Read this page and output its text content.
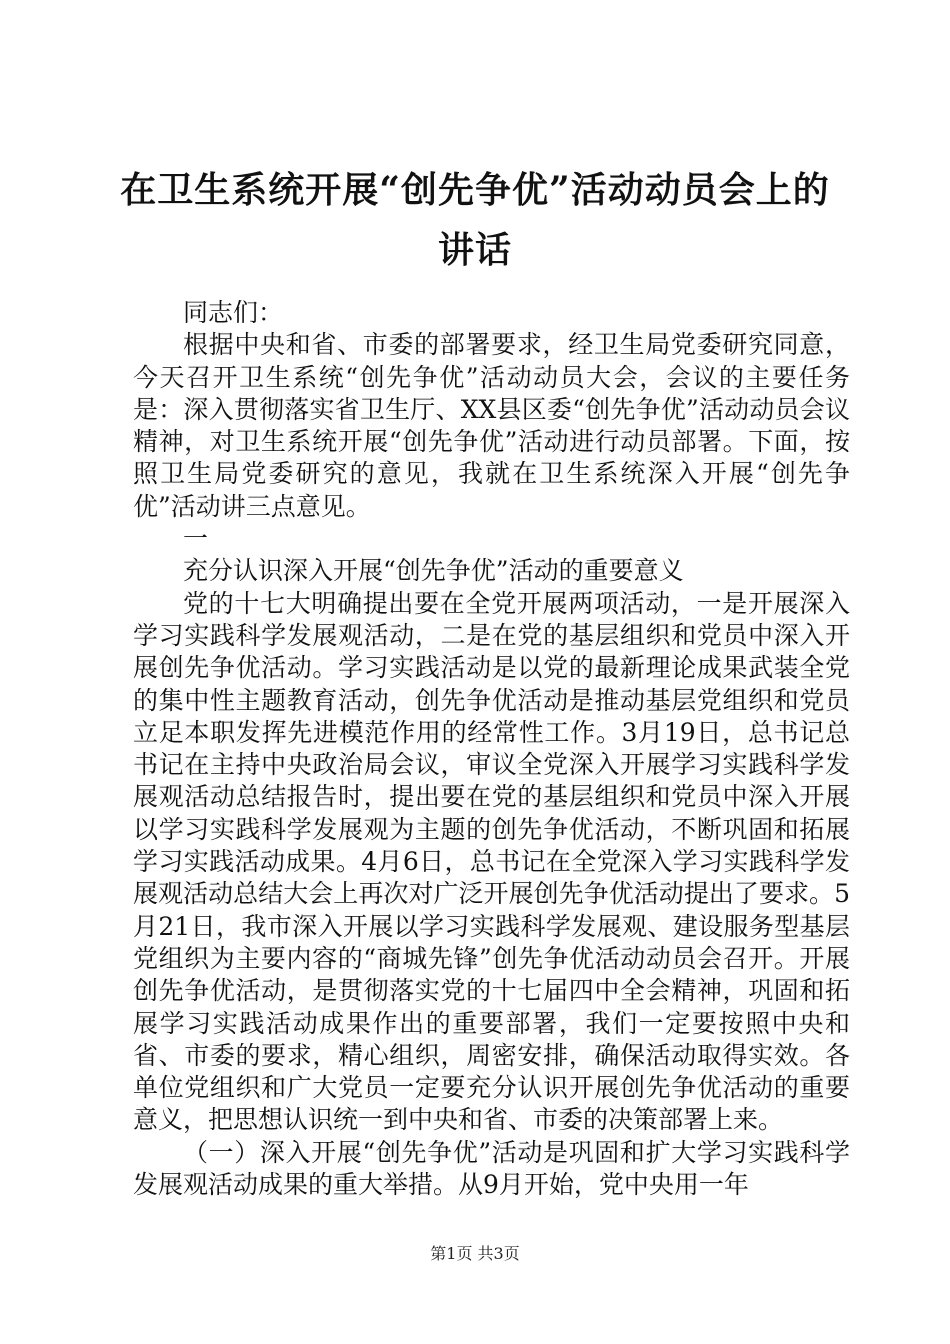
在卫生系统开展“创先争优”活动动员会上的讲话

同志们：

根据中央和省、市委的部署要求，经卫生局党委研究同意，今天召开卫生系统“创先争优”活动动员大会，会议的主要任务是：深入贯彻落实省卫生厅、XX县区委“创先争优”活动动员会议精神，对卫生系统开展“创先争优”活动进行动员部署。下面，按照卫生局党委研究的意见，我就在卫生系统深入开展“创先争优”活动讲三点意见。

一

充分认识深入开展“创先争优”活动的重要意义

党的十七大明确提出要在全党开展两项活动，一是开展深入学习实践科学发展观活动，二是在党的基层组织和党员中深入开展创先争优活动。学习实践活动是以党的最新理论成果武装全党的集中性主题教育活动，创先争优活动是推动基层党组织和党员立足本职发挥先进模范作用的经常性工作。3月19日，总书记总书记在主持中央政治局会议，审议全党深入开展学习实践科学发展观活动总结报告时，提出要在党的基层组织和党员中深入开展以学习实践科学发展观为主题的创先争优活动，不断巩固和拓展学习实践活动成果。4月6日，总书记在全党深入学习实践科学发展观活动总结大会上再次对广泛开展创先争优活动提出了要求。5月21日，我市深入开展以学习实践科学发展观、建设服务型基层党组织为主要内容的“商城先锋”创先争优活动动员会召开。开展创先争优活动，是贯彻落实党的十七届四中全会精神，巩固和拓展学习实践活动成果作出的重要部署，我们一定要按照中央和省、市委的要求，精心组织，周密安排，确保活动取得实效。各单位党组织和广大党员一定要充分认识开展创先争优活动的重要意义，把思想认识统一到中央和省、市委的决策部署上来。

（一）深入开展“创先争优”活动是巩固和扩大学习实践科学发展观活动成果的重大举措。从9月开始，党中央用一年

第1页 共3页
